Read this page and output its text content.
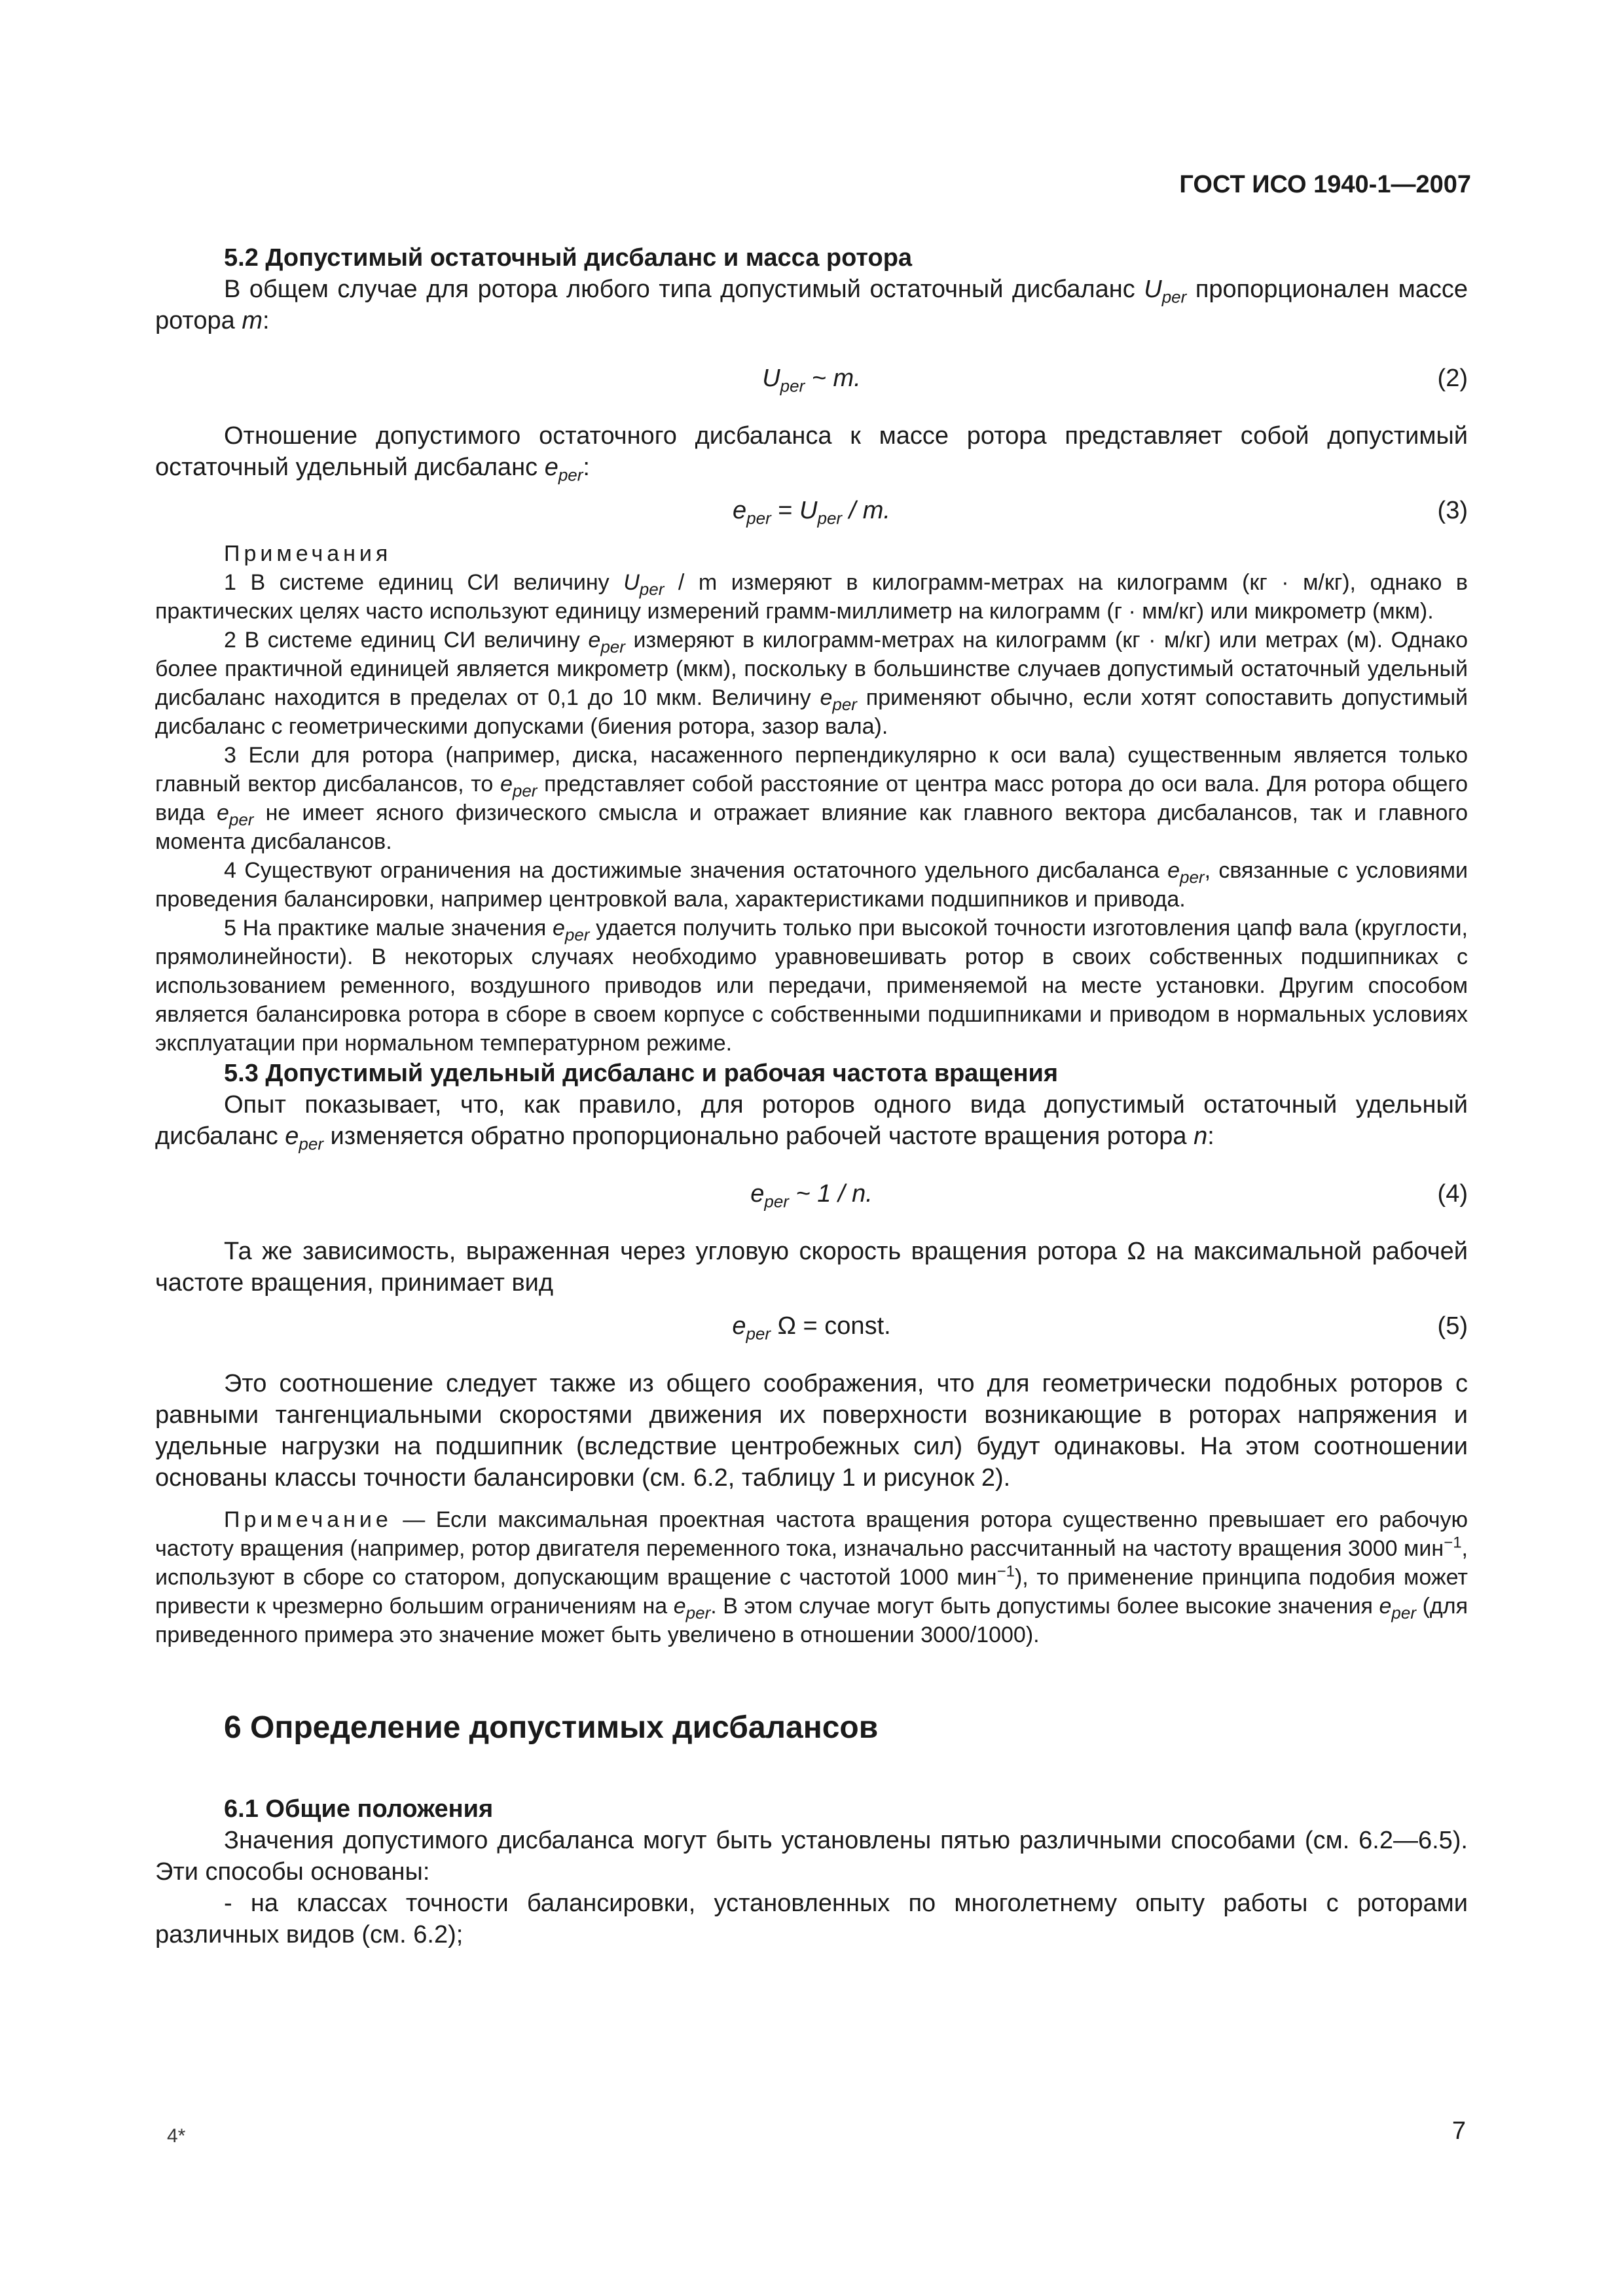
ГОСТ ИСО 1940-1—2007

5.2 Допустимый остаточный дисбаланс и масса ротора

В общем случае для ротора любого типа допустимый остаточный дисбаланс $U_{per}$ пропорционален массе ротора m:

$U_{per}$ ~ m.	(2)

Отношение допустимого остаточного дисбаланса к массе ротора представляет собой допустимый остаточный удельный дисбаланс $e_{per}$:

$e_{per} = U_{per} / m$.	(3)

Примечания

1 В системе единиц СИ величину $U_{per}$ / m измеряют в килограмм-метрах на килограмм (кг · м/кг), однако в практических целях часто используют единицу измерений грамм-миллиметр на килограмм (г · мм/кг) или микрометр (мкм).

2 В системе единиц СИ величину $e_{per}$ измеряют в килограмм-метрах на килограмм (кг · м/кг) или метрах (м). Однако более практичной единицей является микрометр (мкм), поскольку в большинстве случаев допустимый остаточный удельный дисбаланс находится в пределах от 0,1 до 10 мкм. Величину $e_{per}$ применяют обычно, если хотят сопоставить допустимый дисбаланс с геометрическими допусками (биения ротора, зазор вала).

3 Если для ротора (например, диска, насаженного перпендикулярно к оси вала) существенным является только главный вектор дисбалансов, то $e_{per}$ представляет собой расстояние от центра масс ротора до оси вала. Для ротора общего вида $e_{per}$ не имеет ясного физического смысла и отражает влияние как главного вектора дисбалансов, так и главного момента дисбалансов.

4 Существуют ограничения на достижимые значения остаточного удельного дисбаланса $e_{per}$, связанные с условиями проведения балансировки, например центровкой вала, характеристиками подшипников и привода.

5 На практике малые значения $e_{per}$ удается получить только при высокой точности изготовления цапф вала (круглости, прямолинейности). В некоторых случаях необходимо уравновешивать ротор в своих собственных подшипниках с использованием ременного, воздушного приводов или передачи, применяемой на месте установки. Другим способом является балансировка ротора в сборе в своем корпусе с собственными подшипниками и приводом в нормальных условиях эксплуатации при нормальном температурном режиме.

5.3 Допустимый удельный дисбаланс и рабочая частота вращения

Опыт показывает, что, как правило, для роторов одного вида допустимый остаточный удельный дисбаланс $e_{per}$ изменяется обратно пропорционально рабочей частоте вращения ротора n:

$e_{per}$ ~ 1 / n.	(4)

Та же зависимость, выраженная через угловую скорость вращения ротора Ω на максимальной рабочей частоте вращения, принимает вид

$e_{per}$ Ω = const.	(5)

Это соотношение следует также из общего соображения, что для геометрически подобных роторов с равными тангенциальными скоростями движения их поверхности возникающие в роторах напряжения и удельные нагрузки на подшипник (вследствие центробежных сил) будут одинаковы. На этом соотношении основаны классы точности балансировки (см. 6.2, таблицу 1 и рисунок 2).

Примечание — Если максимальная проектная частота вращения ротора существенно превышает его рабочую частоту вращения (например, ротор двигателя переменного тока, изначально рассчитанный на частоту вращения 3000 мин$^{-1}$, используют в сборе со статором, допускающим вращение с частотой 1000 мин$^{-1}$), то применение принципа подобия может привести к чрезмерно большим ограничениям на $e_{per}$. В этом случае могут быть допустимы более высокие значения $e_{per}$ (для приведенного примера это значение может быть увеличено в отношении 3000/1000).

6 Определение допустимых дисбалансов

6.1 Общие положения

Значения допустимого дисбаланса могут быть установлены пятью различными способами (см. 6.2—6.5). Эти способы основаны:

- на классах точности балансировки, установленных по многолетнему опыту работы с роторами различных видов (см. 6.2);

4*	7
